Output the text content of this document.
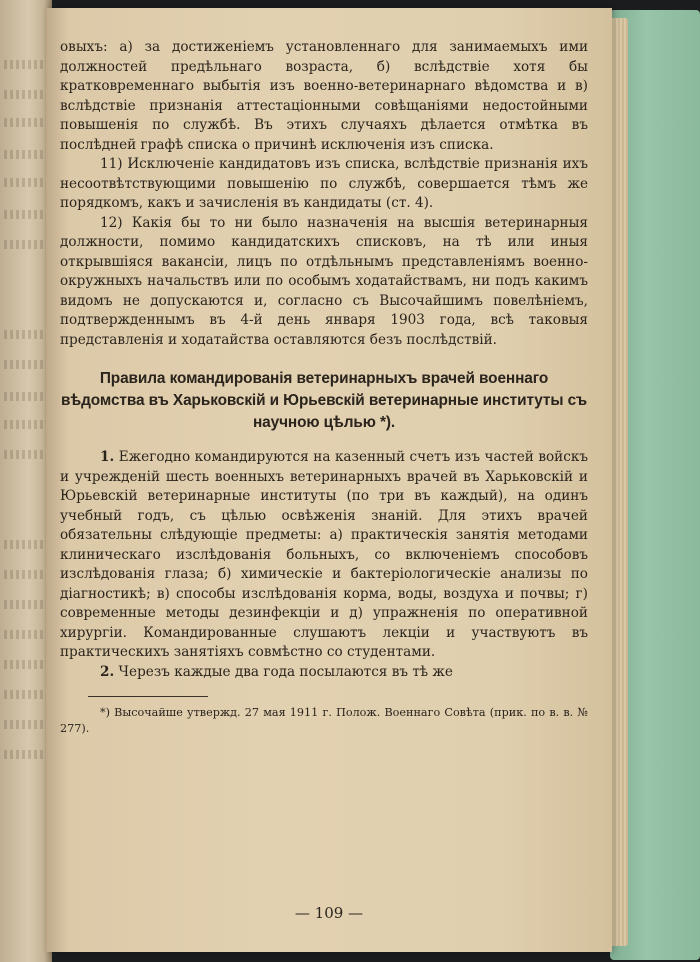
овыхъ: а) за достиженіемъ установленнаго для занимаемыхъ ими должностей предѣльнаго возраста, б) вслѣдствіе хотя бы кратковременнаго выбытія изъ военно-ветеринарнаго вѣдомства и в) вслѣдствіе признанія аттестаціонными совѣщаніями недостойными повышенія по службѣ. Въ этихъ случаяхъ дѣлается отмѣтка въ послѣдней графѣ списка о причинѣ исключенія изъ списка.

11) Исключеніе кандидатовъ изъ списка, вслѣдствіе признанія ихъ несоотвѣтствующими повышенію по службѣ, совершается тѣмъ же порядкомъ, какъ и зачисленія въ кандидаты (ст. 4).

12) Какія бы то ни было назначенія на высшія ветеринарныя должности, помимо кандидатскихъ списковъ, на тѣ или иныя открывшіяся вакансіи, лицъ по отдѣльнымъ представленіямъ военно-окружныхъ начальствъ или по особымъ ходатайствамъ, ни подъ какимъ видомъ не допускаются и, согласно съ Высочайшимъ повелѣніемъ, подтвержденнымъ въ 4-й день января 1903 года, всѣ таковыя представленія и ходатайства оставляются безъ послѣдствій.

Правила командированія ветеринарныхъ врачей военнаго вѣдомства въ Харьковскій и Юрьевскій ветеринарные институты съ научною цѣлью *).

1. Ежегодно командируются на казенный счетъ изъ частей войскъ и учрежденій шесть военныхъ ветеринарныхъ врачей въ Харьковскій и Юрьевскій ветеринарные институты (по три въ каждый), на одинъ учебный годъ, съ цѣлью освѣженія знаній. Для этихъ врачей обязательны слѣдующіе предметы: а) практическія занятія методами клиническаго изслѣдованія больныхъ, со включеніемъ способовъ изслѣдованія глаза; б) химическіе и бактеріологическіе анализы по діагностикѣ; в) способы изслѣдованія корма, воды, воздуха и почвы; г) современные методы дезинфекціи и д) упражненія по оперативной хирургіи. Командированные слушаютъ лекціи и участвуютъ въ практическихъ занятіяхъ совмѣстно со студентами.

2. Черезъ каждые два года посылаются въ тѣ же

*) Высочайше утвержд. 27 мая 1911 г. Полож. Военнаго Совѣта (прик. по в. в. № 277).

— 109 —
